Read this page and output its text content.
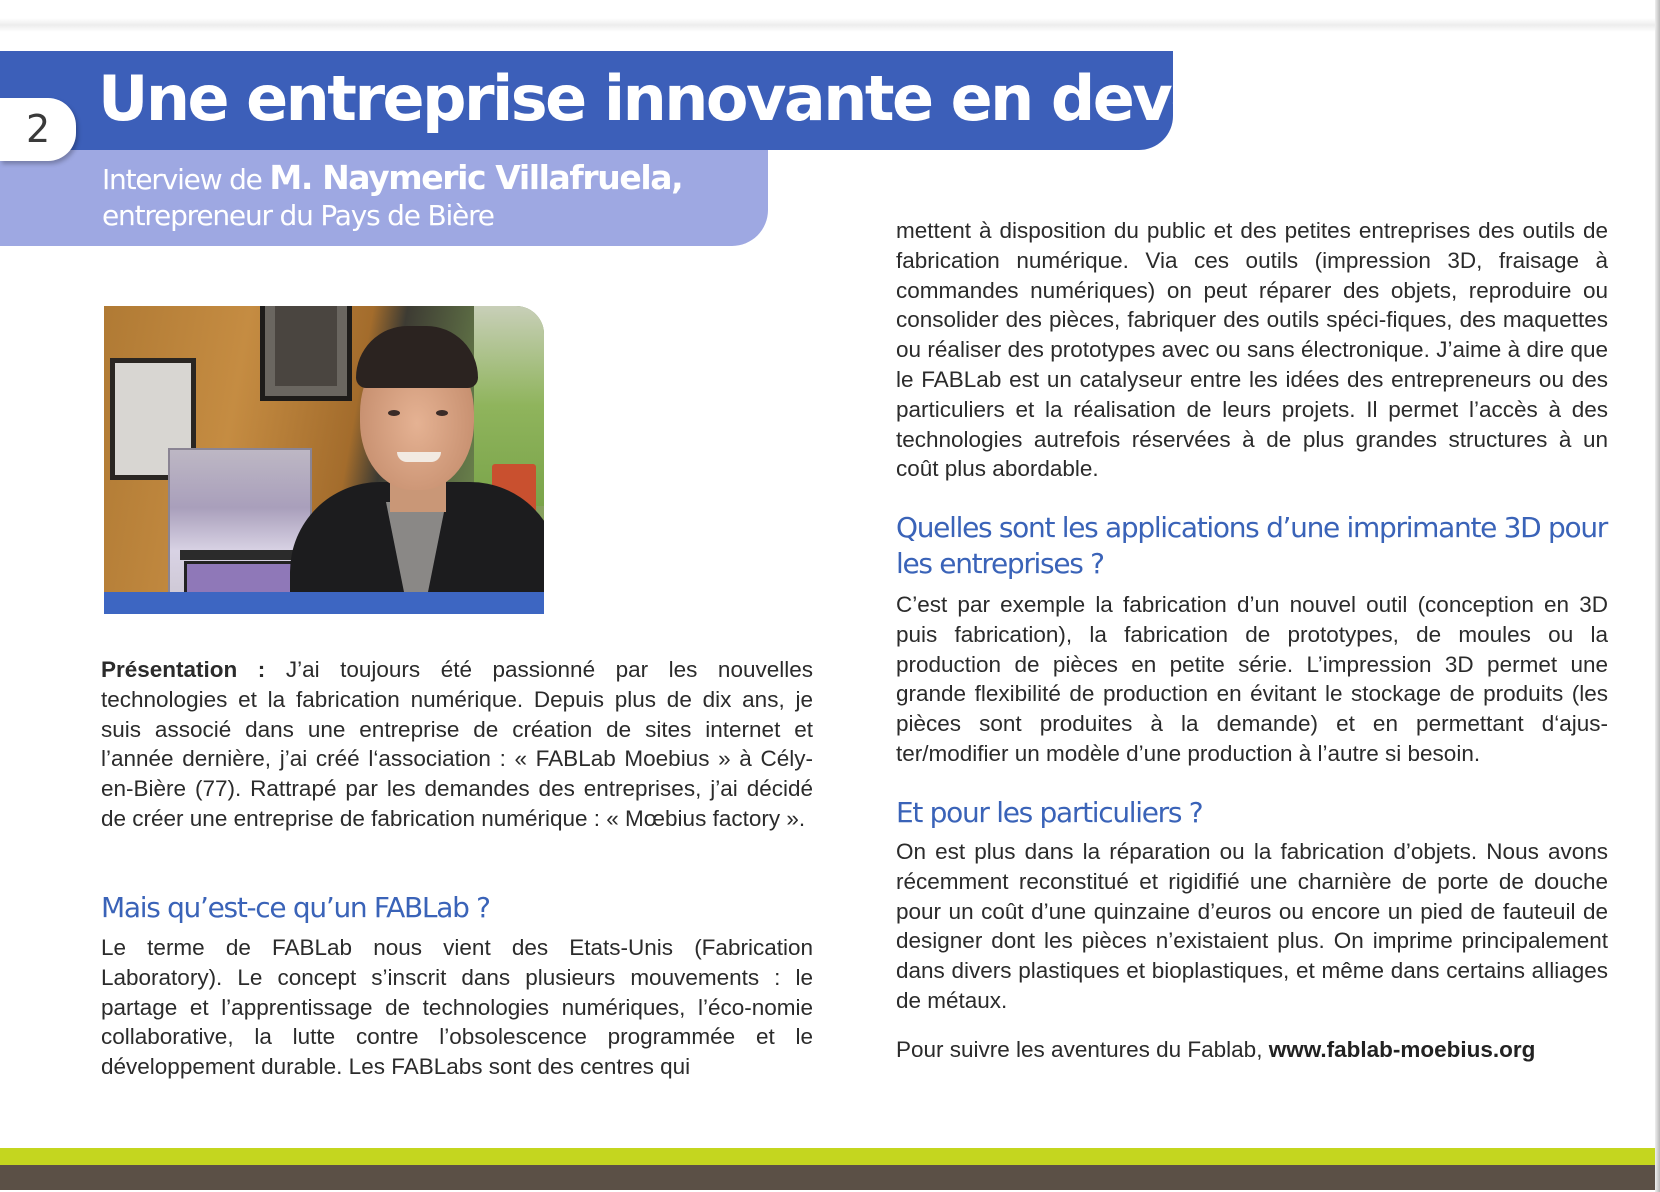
Une entreprise innovante en devenir
Interview de M. Naymeric Villafruela,
entrepreneur du Pays de Bière
2

Présentation : J’ai toujours été passionné par les nouvelles technologies et la fabrication numérique. Depuis plus de dix ans, je suis associé dans une entreprise de création de sites internet et l’année dernière, j’ai créé l‘association : « FABLab Moebius » à Cély-en-Bière (77). Rattrapé par les demandes des entreprises, j’ai décidé de créer une entreprise de fabrication numérique : « Mœbius factory ».

Mais qu’est-ce qu’un FABLab ?

Le terme de FABLab nous vient des Etats-Unis (Fabrication Laboratory). Le concept s’inscrit dans plusieurs mouvements : le partage et l’apprentissage de technologies numériques, l’éco-nomie collaborative, la lutte contre l’obsolescence programmée et le développement durable. Les FABLabs sont des centres qui

mettent à disposition du public et des petites entreprises des outils de fabrication numérique. Via ces outils (impression 3D, fraisage à commandes numériques) on peut réparer des objets, reproduire ou consolider des pièces, fabriquer des outils spéci-fiques, des maquettes ou réaliser des prototypes avec ou sans électronique. J’aime à dire que le FABLab est un catalyseur entre les idées des entrepreneurs ou des particuliers et la réalisation de leurs projets. Il permet l’accès à des technologies autrefois réservées à de plus grandes structures à un coût plus abordable.

Quelles sont les applications d’une imprimante 3D pour les entreprises ?

C’est par exemple la fabrication d’un nouvel outil (conception en 3D puis fabrication), la fabrication de prototypes, de moules ou la production de pièces en petite série. L’impression 3D permet une grande flexibilité de production en évitant le stockage de produits (les pièces sont produites à la demande) et en permettant d‘ajus-ter/modifier un modèle d’une production à l’autre si besoin.

Et pour les particuliers ?

On est plus dans la réparation ou la fabrication d’objets. Nous avons récemment reconstitué et rigidifié une charnière de porte de douche pour un coût d’une quinzaine d’euros ou encore un pied de fauteuil de designer dont les pièces n’existaient plus. On imprime principalement dans divers plastiques et bioplastiques, et même dans certains alliages de métaux.

Pour suivre les aventures du Fablab, www.fablab-moebius.org
